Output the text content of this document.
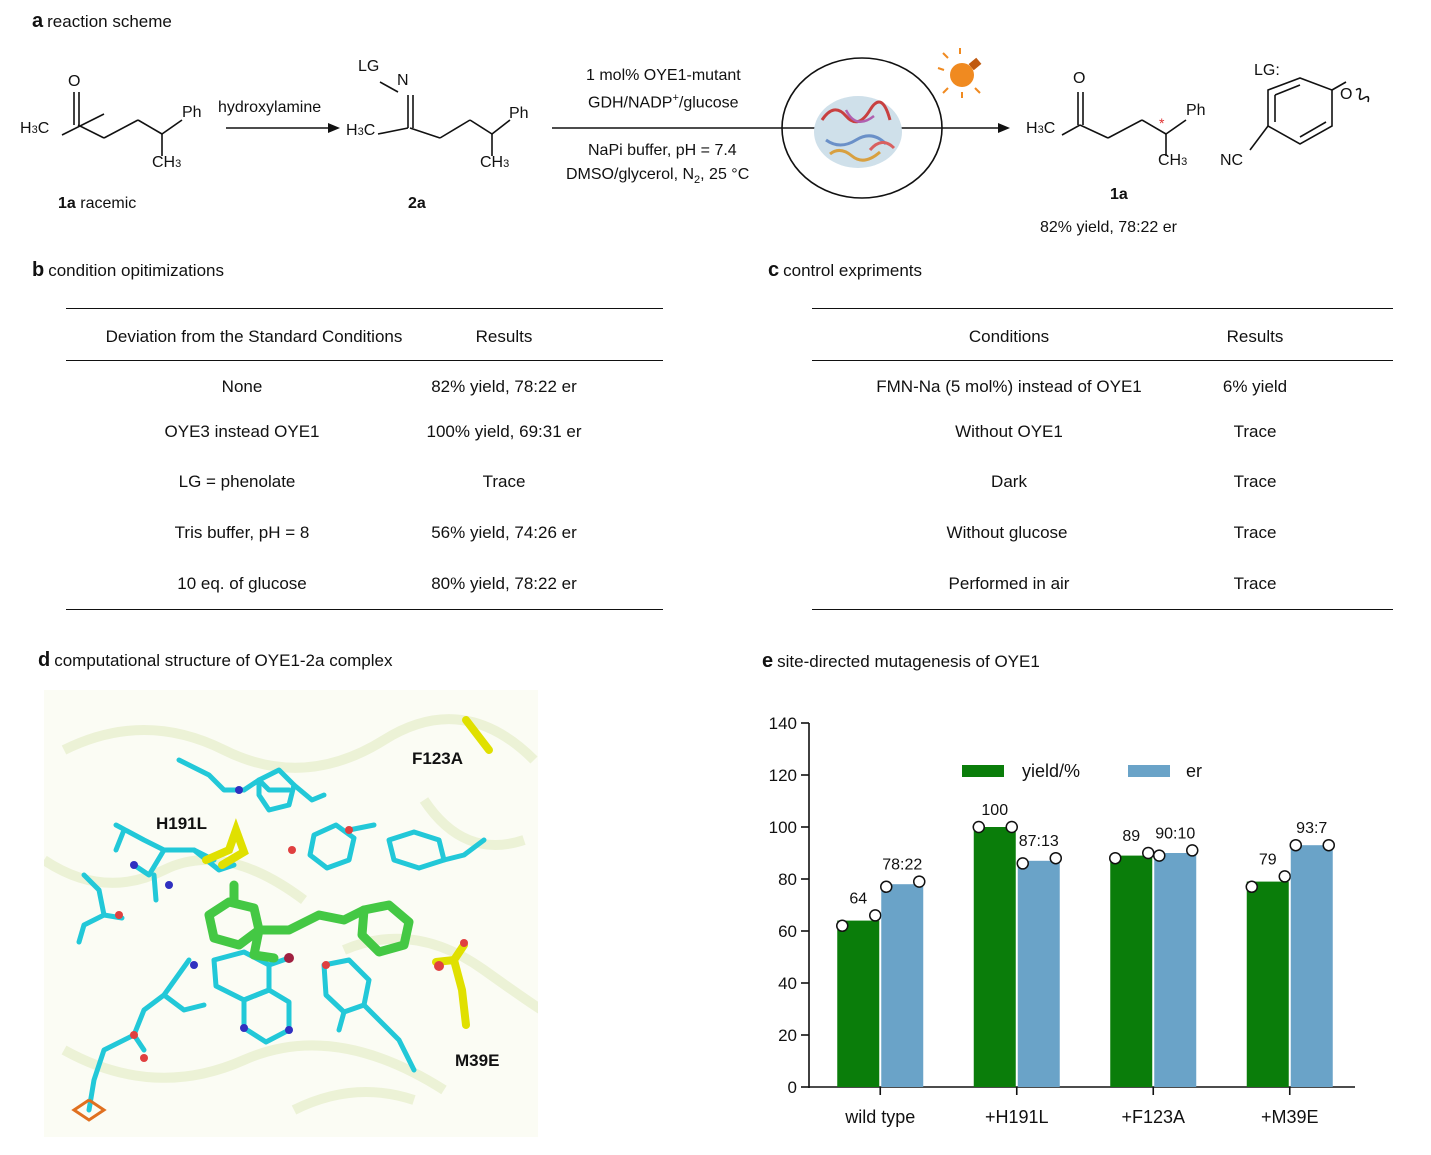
a reaction scheme
*
O
H3C
Ph
CH3
1a racemic
hydroxylamine
LG
N
H3C
Ph
CH3
2a
1 mol% OYE1-mutant
GDH/NADP+/glucose
NaPi buffer, pH = 7.4
DMSO/glycerol, $N_2$, 25 °C
O
H3C
Ph
CH3
1a
82% yield, 78:22 er
LG:
O
NC
b condition opitimizations
Deviation from the Standard Conditions	Results
None	82% yield, 78:22 er
OYE3 instead OYE1	100% yield, 69:31 er
LG = phenolate	Trace
Tris buffer, pH = 8	56% yield, 74:26 er
10 eq. of glucose	80% yield, 78:22 er
c control expriments
Conditions	Results
FMN-Na (5 mol%) instead of OYE1	6% yield
Without OYE1	Trace
Dark	Trace
Without glucose	Trace
Performed in air	Trace
d computational structure of OYE1-2a complex
F123A
H191L
M39E
e site-directed mutagenesis of OYE1
0
20
40
60
80
100
120
140
wild type
64
78:22
+H191L
100
87:13
+F123A
89 90:10
+M39E
79
93:7
yield/%	er
